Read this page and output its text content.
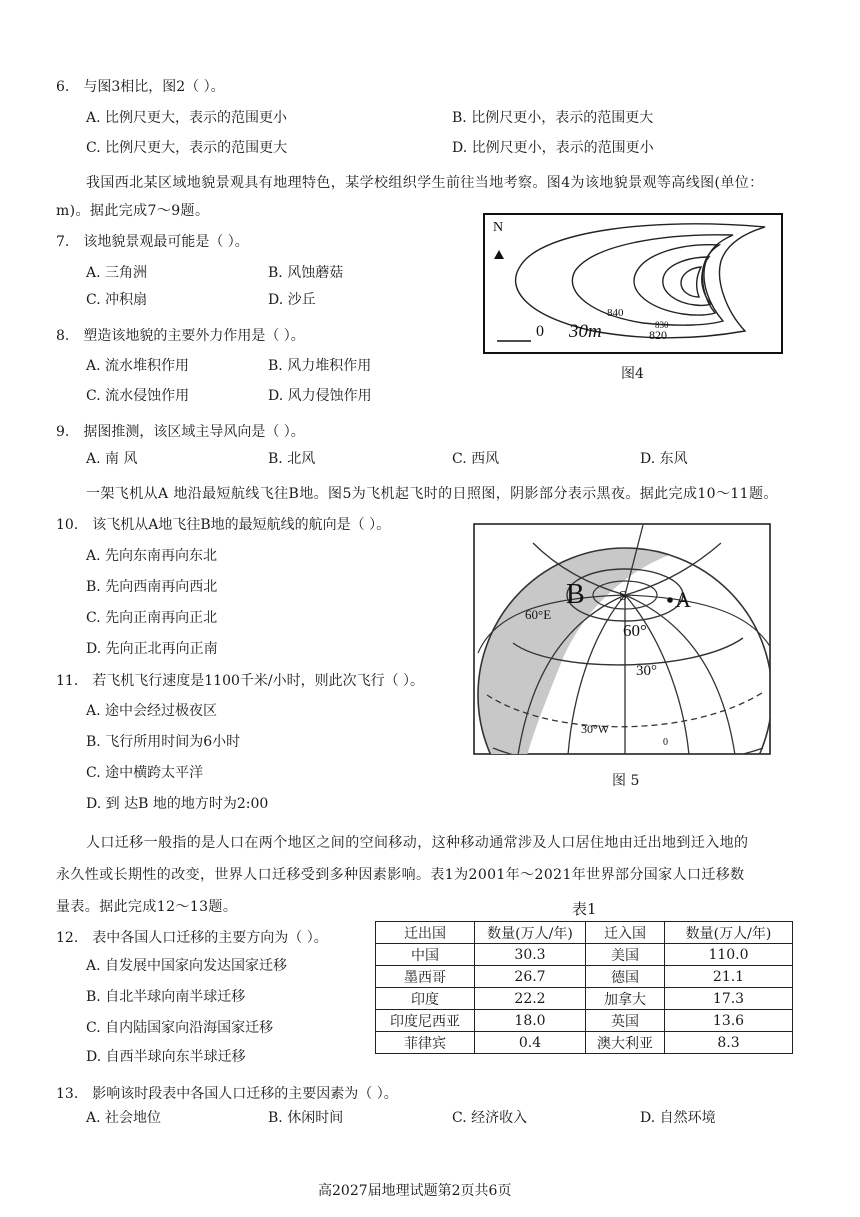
6.　与图3相比，图2（ ）。
A. 比例尺更大，表示的范围更小	B. 比例尺更小，表示的范围更大
C. 比例尺更大，表示的范围更大	D. 比例尺更小，表示的范围更小
我国西北某区域地貌景观具有地理特色，某学校组织学生前往当地考察。图4为该地貌景观等高线图(单位：
m)。据此完成7～9题。
7.　该地貌景观最可能是（ ）。
A. 三角洲	B. 风蚀蘑菇
C. 冲积扇	D. 沙丘
8.　塑造该地貌的主要外力作用是（ ）。
A. 流水堆积作用	B. 风力堆积作用
C. 流水侵蚀作用	D. 风力侵蚀作用
N
840
830
820
0 30m
图4
9.　据图推测，该区域主导风向是（ ）。
A. 南 风	B. 北风	C. 西风	D. 东风
一架飞机从A 地沿最短航线飞往B地。图5为飞机起飞时的日照图，阴影部分表示黑夜。据此完成10～11题。
10.　该飞机从A地飞往B地的最短航线的航向是（ ）。
A. 先向东南再向东北
B. 先向西南再向西北
C. 先向正南再向正北
D. 先向正北再向正南
11.　若飞机飞行速度是1100千米/小时，则此次飞行（ ）。
A. 途中会经过极夜区
B. 飞行所用时间为6小时
C. 途中横跨太平洋
D. 到 达B 地的地方时为2:00
B	A
S
60°E
60°
30°
30°W
0
图 5
人口迁移一般指的是人口在两个地区之间的空间移动，这种移动通常涉及人口居住地由迁出地到迁入地的
永久性或长期性的改变，世界人口迁移受到多种因素影响。表1为2001年～2021年世界部分国家人口迁移数
量表。据此完成12～13题。	表1
迁出国	数量(万人/年)	迁入国	数量(万人/年)
中国	30.3	美国	110.0
墨西哥	26.7	德国	21.1
印度	22.2	加拿大	17.3
印度尼西亚	18.0	英国	13.6
菲律宾	0.4	澳大利亚	8.3
12.　表中各国人口迁移的主要方向为（ ）。
A. 自发展中国家向发达国家迁移
B. 自北半球向南半球迁移
C. 自内陆国家向沿海国家迁移
D. 自西半球向东半球迁移
13.　影响该时段表中各国人口迁移的主要因素为（ ）。
A. 社会地位	B. 休闲时间	C. 经济收入	D. 自然环境
高2027届地理试题第2页共6页
